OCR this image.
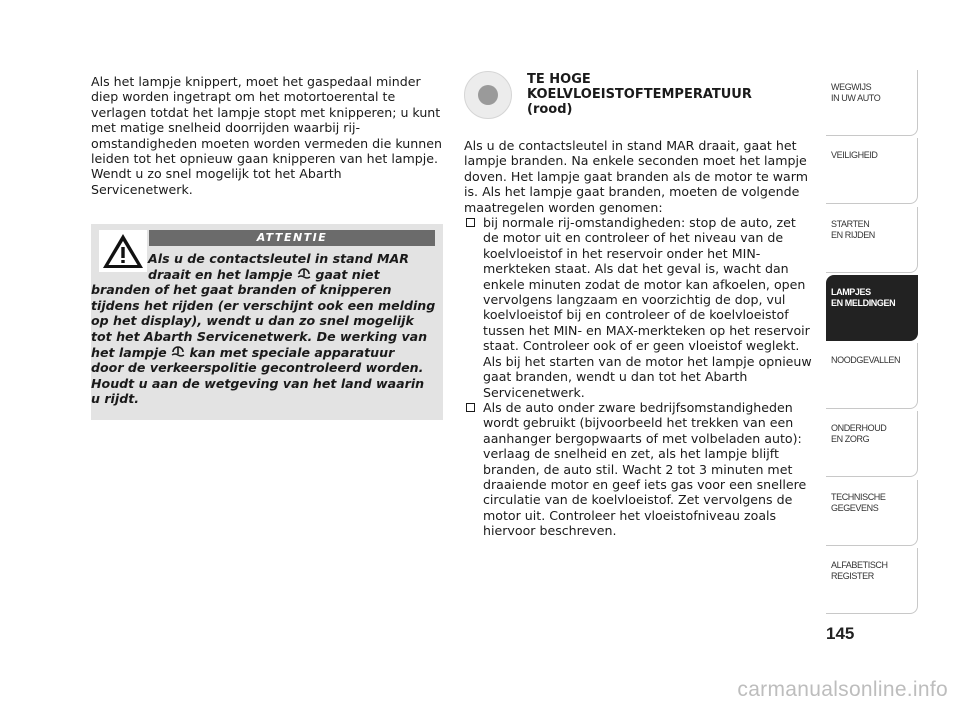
Als het lampje knippert, moet het gaspedaal minder diep worden ingetrapt om het motortoerental te verlagen totdat het lampje stopt met knipperen; u kunt met matige snelheid doorrijden waarbij rij-omstandigheden moeten worden vermeden die kunnen leiden tot het opnieuw gaan knipperen van het lampje. Wendt u zo snel mogelijk tot het Abarth Servicenetwerk.

ATTENTIE
Als u de contactsleutel in stand MAR
draait en het lampje gaat niet
branden of het gaat branden of knipperen
tijdens het rijden (er verschijnt ook een melding
op het display), wendt u dan zo snel mogelijk
tot het Abarth Servicenetwerk. De werking van
het lampje kan met speciale apparatuur
door de verkeerspolitie gecontroleerd worden.
Houdt u aan de wetgeving van het land waarin
u rijdt.
TE HOGE
KOELVLOEISTOFTEMPERATUUR
(rood)
Als u de contactsleutel in stand MAR draait, gaat het lampje branden. Na enkele seconden moet het lampje doven. Het lampje gaat branden als de motor te warm is. Als het lampje gaat branden, moeten de volgende maatregelen worden genomen:
bij normale rij-omstandigheden: stop de auto, zet de motor uit en controleer of het niveau van de koelvloeistof in het reservoir onder het MIN-merkteken staat. Als dat het geval is, wacht dan enkele minuten zodat de motor kan afkoelen, open vervolgens langzaam en voorzichtig de dop, vul koelvloeistof bij en controleer of de koelvloeistof tussen het MIN- en MAX-merkteken op het reservoir staat. Controleer ook of er geen vloeistof weglekt. Als bij het starten van de motor het lampje opnieuw gaat branden, wendt u dan tot het Abarth Servicenetwerk.
Als de auto onder zware bedrijfsomstandigheden wordt gebruikt (bijvoorbeeld het trekken van een aanhanger bergopwaarts of met volbeladen auto): verlaag de snelheid en zet, als het lampje blijft branden, de auto stil. Wacht 2 tot 3 minuten met draaiende motor en geef iets gas voor een snellere circulatie van de koelvloeistof. Zet vervolgens de motor uit. Controleer het vloeistofniveau zoals hiervoor beschreven.
WEGWIJS
IN UW AUTO
VEILIGHEID
STARTEN
EN RIJDEN
LAMPJES
EN MELDINGEN
NOODGEVALLEN
ONDERHOUD
EN ZORG
TECHNISCHE
GEGEVENS
ALFABETISCH
REGISTER
145
carmanualsonline.info
